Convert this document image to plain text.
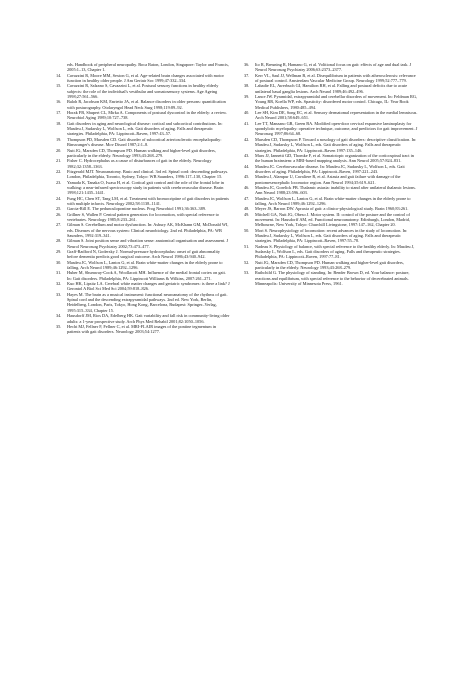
eds. Handbook of peripheral neuropathy. Boca Raton, London, Singapore: Taylor and Francis, 2005:1–13, Chapter 1.
14.	Cavazzini R, Moore MM, Sexton G, et al. Age-related brain changes associated with motor function in healthy older people. J Am Geriatr Soc 1999;47:332–334.
15.	Cavazzini R, Salzano S, Cavazzini L, et al. Postural sensory functions in healthy elderly subjects: the role of the individual's vestibular and somatosensory systems. Age Ageing 1998;27:561–566.
16.	Baloh R, Jacobson KM, Enrietto JA, et al. Balance disorders in older persons: quantification with posturography. Otolaryngol Head Neck Surg 1998;119:89–92.
17.	Horak FB, Shupert CL, Mirka A. Components of postural dyscontrol in the elderly: a review. Neurobiol Aging 1989;10:727–738.
18.	Gait disorders in aging and neurological disease: cortical and subcortical contributions. In: Masdeu J, Sudarsky L, Wolfson L, eds. Gait disorders of aging. Falls and therapeutic strategies. Philadelphia, PA: Lippincott–Raven, 1997:43–57.
19.	Thompson PD, Marsden CD. Gait disorder of subcortical arteriosclerotic encephalopathy: Binswanger's disease. Mov Disord 1987;2:1–8.
20.	Nutt JG, Marsden CD, Thompson PD. Human walking and higher-level gait disorders, particularly in the elderly. Neurology 1993;43:268–279.
21.	Fisher C. Hydrocephalus as a cause of disturbances of gait in the elderly. Neurology 1982;32:1358–1363.
22.	Fitzgerald MJT. Neuroanatomy. Basic and clinical. 3rd ed. Spinal cord: descending pathways. London, Philadelphia, Toronto, Sydney, Tokyo: WB Saunders, 1996:117–130, Chapter 15.
23.	Yamada K, Tanaka O, Iwasa H, et al. Cortical gait control and the role of the frontal lobe in walking: a near-infrared spectroscopy study in patients with cerebrovascular disease. Brain 1998;121:1435–1441.
24.	Fung HC, Chen ST, Tang LM, et al. Treatment with bromocriptine of gait disorders in patients with multiple infarcts. Neurology 2002;58:1138–1141.
25.	Garcia-Rill E. The pedunculopontine nucleus. Prog Neurobiol 1991;36:363–389.
26.	Grillner S, Wallen P. Central pattern generators for locomotion, with special reference to vertebrates. Neurology 1985;8:233–261.
27.	Gilman S. Cerebellum and motor dysfunction. In: Asbury AK, McKhann GM, McDonald WI, eds. Diseases of the nervous system: Clinical neurobiology. 2nd ed. Philadelphia, PA: WB Saunders, 1992:319–341.
28.	Gilman S. Joint position sense and vibration sense: anatomical organisation and assessment. J Neurol Neurosurg Psychiatry 2002;73:473–477.
29.	Graff-Radford N, Godersky J. Normal-pressure hydrocephalus: onset of gait abnormality before dementia predicts good surgical outcome. Arch Neurol 1986;43:940–942.
30.	Masdeu JC, Wolfson L, Lantos G, et al. Brain white-matter changes in the elderly prone to falling. Arch Neurol 1989;46:1292–1296.
31.	Huber M, Shumway-Cook A, Woollacott MH. Influence of the medial frontal cortex on gait. In: Gait disorders. Philadelphia, PA: Lippincott Williams & Wilkins, 2007:261–271.
32.	Kuo HK, Lipsitz LA. Cerebral white matter changes and geriatric syndromes: is there a link? J Gerontol A Biol Sci Med Sci 2004;59:818–826.
33.	Hayes M. The brain as a musical instrument: functional neuroanatomy of the rhythms of gait. Spinal cord and the descending extrapyramidal pathways. 2nd ed. New York, Berlin, Heidelberg, London, Paris, Tokyo, Hong Kong, Barcelona, Budapest: Springer–Verlag, 1995:315–334, Chapter 15.
34.	Hausdorff JM, Rios DA, Edelberg HK. Gait variability and fall risk in community-living older adults: a 1-year prospective study. Arch Phys Med Rehabil 2001;82:1050–1056.
35.	Hecht MJ, Fellner F, Fellner C, et al. MRI-FLAIR images of the pontine tegmentum in patients with gait disorders. Neurology 2003;54:1277.
36.	Ito R, Breuning R, Hamano G, et al. Volitional focus on gait: effects of age and dual task. J Neurol Neurosurg Psychiatry 2006;63:2373–2377.
37.	Kerr VL, Saul JJ, Wellman B, et al. Disequilibrium in patients with atherosclerosis: relevance of postural control. Amsterdam Vascular Medicine Group. Neurology 1999;52:777–779.
38.	Labadie EL, Awerbuch GI, Hamilton RH, et al. Falling and postural deficits due to acute unilateral basal ganglia lesions. Arch Neurol 1989;46:492–496.
39.	Lance JW. Pyramidal, extrapyramidal and cerebellar disorders of movement. In: Feldman RG, Young RR, Koella WP, eds. Spasticity: disordered motor control. Chicago, IL: Year Book Medical Publishers, 1980:485–494.
40.	Lee SH, Kim DE, Song EC, et al. Sensory dermatomal representation in the medial lemniscus. Arch Neurol 2001;58:649–651.
41.	Lee TT, Manzano GR, Green BA. Modified open-door cervical expansive laminoplasty for spondylotic myelopathy: operative technique, outcome, and predictors for gait improvement. J Neurosurg 1997;86:64–68.
42.	Marsden CD, Thompson P. Toward a nosology of gait disorders: descriptive classification. In: Masdeu J, Sudarsky L, Wolfson L, eds. Gait disorders of aging. Falls and therapeutic strategies. Philadelphia, PA: Lippincott–Raven 1997:135–146.
43.	Marx JJ, Iannetti GD, Thomke F, et al. Somatotopic organization of the corticospinal tract in the human brainstem: a MRI-based mapping analysis. Ann Neurol 2005;57:824–831.
44.	Masdeu JC. Cerebrovascular disease. In: Masdeu JC, Sudarsky L, Wolfson L, eds. Gait disorders of aging. Philadelphia, PA: Lippincott–Raven, 1997:221–243.
45.	Masdeu J, Alampur U, Cavaliere R, et al. Astasia and gait failure with damage of the pontomesencephalic locomotor region. Ann Neurol 1994;35:619–621.
46.	Masdeu JC, Gorelick PB. Thalamic astasia: inability to stand after unilateral thalamic lesions. Ann Neurol 1988;23:596–603.
47.	Masdeu JC, Wolfson L, Lantos G, et al. Brain white-matter changes in the elderly prone to falling. Arch Neurol 1989;46:1292–1296.
48.	Meyer JS, Barron DW. Apraxia of gait: a clinico-physiological study. Brain 1960;83:261.
49.	Mitchell GA, Nutt JG, Obeso J. Motor system. II: control of the posture and the control of movement. In: Hausdorff AM, ed. Functional neuroanatomy. Edinburgh, London, Madrid, Melbourne, New York, Tokyo: Churchill Livingstone, 1997:147–162, Chapter 20.
50.	Mori S. Neurophysiology of locomotion: recent advances in the study of locomotion. In: Masdeu J, Sudarsky L, Wolfson L, eds. Gait disorders of aging. Falls and therapeutic strategies. Philadelphia, PA: Lippincott–Raven, 1997:55–78.
51.	Nadeau S. Physiology of balance, with special reference to the healthy elderly. In: Masdeu J, Sudarsky L, Wolfson L, eds. Gait disorders of aging. Falls and therapeutic strategies. Philadelphia, PA: Lippincott–Raven, 1997:77–81.
52.	Nutt JG, Marsden CD, Thompson PD. Human walking and higher-level gait disorders, particularly in the elderly. Neurology 1993;43:268–279.
53.	Ruthchild G. The physiology of standing. In: Bender Brown D, ed. Your balance: posture, reactions and equilibrium, with special reference to the behavior of decerebrated animals. Minneapolis: University of Minnesota Press, 1961.
